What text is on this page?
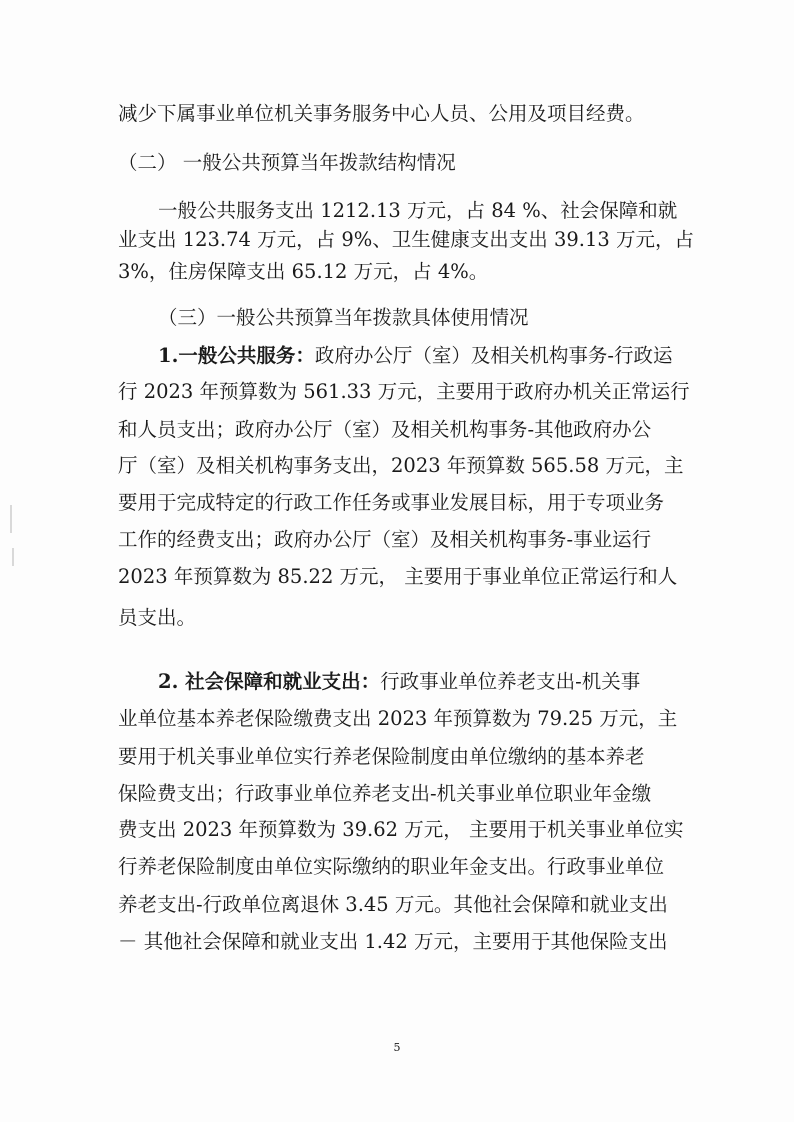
减少下属事业单位机关事务服务中心人员、公用及项目经费。
（二） 一般公共预算当年拨款结构情况
一般公共服务支出 1212.13 万元，占 84 %、社会保障和就
业支出 123.74 万元，占 9%、卫生健康支出支出 39.13 万元，占
3%，住房保障支出 65.12 万元，占 4%。
（三）一般公共预算当年拨款具体使用情况
1.一般公共服务：政府办公厅（室）及相关机构事务-行政运
行 2023 年预算数为 561.33 万元，主要用于政府办机关正常运行
和人员支出；政府办公厅（室）及相关机构事务-其他政府办公
厅（室）及相关机构事务支出，2023 年预算数 565.58 万元，主
要用于完成特定的行政工作任务或事业发展目标，用于专项业务
工作的经费支出；政府办公厅（室）及相关机构事务-事业运行
2023 年预算数为 85.22 万元， 主要用于事业单位正常运行和人
员支出。
2. 社会保障和就业支出：行政事业单位养老支出-机关事
业单位基本养老保险缴费支出 2023 年预算数为 79.25 万元，主
要用于机关事业单位实行养老保险制度由单位缴纳的基本养老
保险费支出；行政事业单位养老支出-机关事业单位职业年金缴
费支出 2023 年预算数为 39.62 万元， 主要用于机关事业单位实
行养老保险制度由单位实际缴纳的职业年金支出。行政事业单位
养老支出-行政单位离退休 3.45 万元。其他社会保障和就业支出
－ 其他社会保障和就业支出 1.42 万元，主要用于其他保险支出
5
